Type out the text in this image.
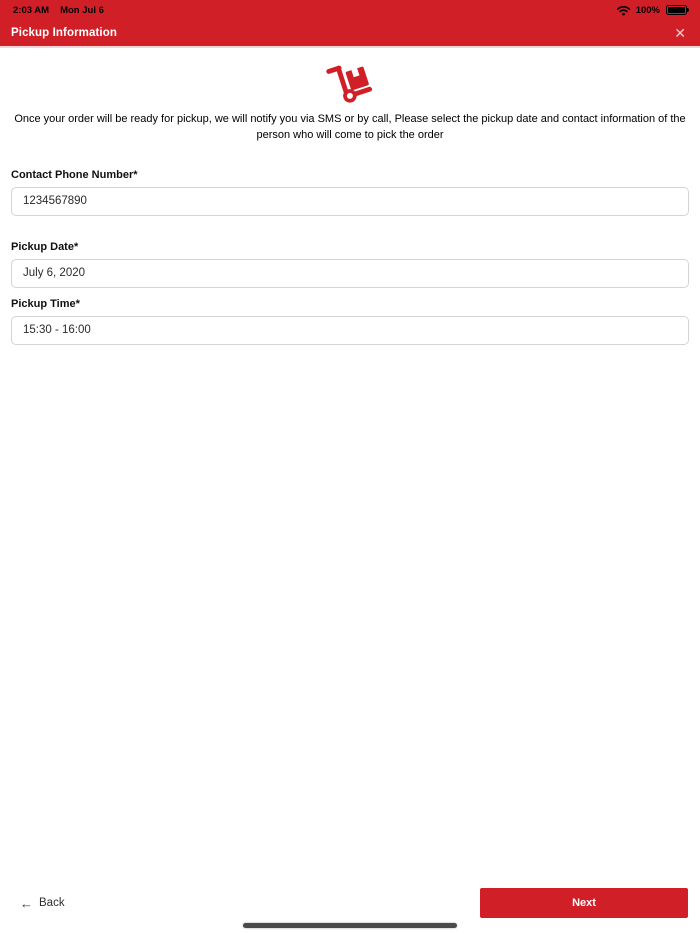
2:03 AM Mon Jul 6	100%
Pickup Information	✕

Once your order will be ready for pickup, we will notify you via SMS or by call, Please select the pickup date and contact information of the person who will come to pick the order

Contact Phone Number*
1234567890
Pickup Date*
July 6, 2020
Pickup Time*
15:30 - 16:00
← Back	Next
